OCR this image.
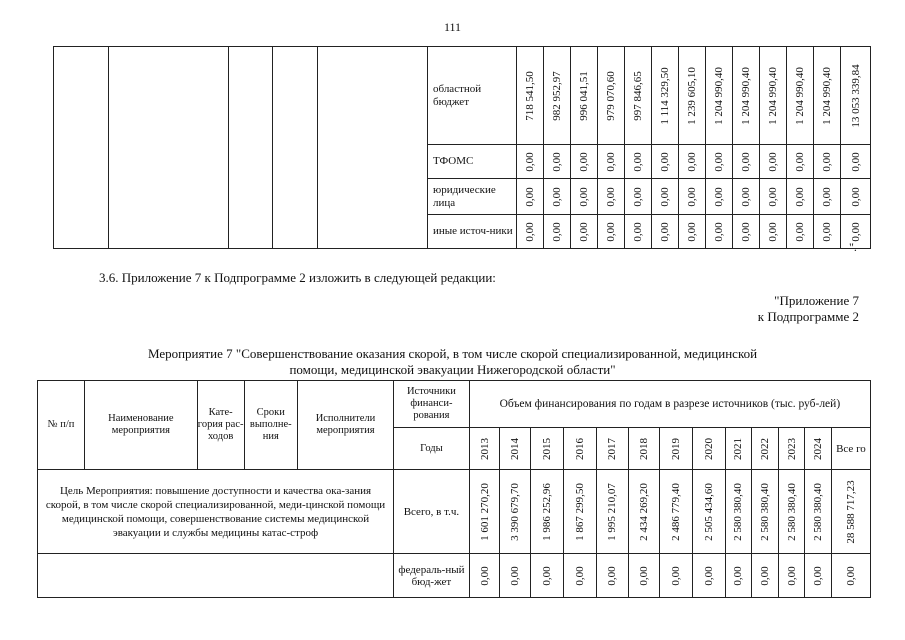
111
					областной бюджет	718 541,50	982 952,97	996 041,51	979 070,60	997 846,65	1 114 329,50	1 239 605,10	1 204 990,40	1 204 990,40	1 204 990,40	1 204 990,40	1 204 990,40	13 053 339,84

					ТФОМС	0,00	0,00	0,00	0,00	0,00	0,00	0,00	0,00	0,00	0,00	0,00	0,00	0,00

					юридические лица	0,00	0,00	0,00	0,00	0,00	0,00	0,00	0,00	0,00	0,00	0,00	0,00	0,00

					иные источ-ники	0,00	0,00	0,00	0,00	0,00	0,00	0,00	0,00	0,00	0,00	0,00	0,00	0,00
".
3.6. Приложение 7 к Подпрограмме 2 изложить в следующей редакции:
"Приложение 7
к Подпрограмме 2
Мероприятие 7 "Совершенствование оказания скорой, в том числе скорой специализированной, медицинской
помощи, медицинской эвакуации Нижегородской области"
№ п/п	Наименование мероприятия	Кате-гория рас-ходов	Сроки выполне-ния	Исполнители мероприятия	Источники финанси-рования	Объем финансирования по годам в разрезе источников (тыс. руб-лей)												
					Годы	2013	2014	2015	2016	2017	2018	2019	2020	2021	2022	2023	2024	Все го
Цель Мероприятия: повышение доступности и качества ока-зания скорой, в том числе скорой специализированной, меди-цинской помощи медицинской помощи, совершенствование системы медицинской эвакуации и службы медицины катас-строф					Всего, в т.ч.	1 601 270,20	3 390 679,70	1 986 252,96	1 867 299,50	1 995 210,07	2 434 269,20	2 486 779,40	2 505 434,60	2 580 380,40	2 580 380,40	2 580 380,40	2 580 380,40	28 588 717,23

					федераль-ный бюд-жет	0,00	0,00	0,00	0,00	0,00	0,00	0,00	0,00	0,00	0,00	0,00	0,00	0,00
